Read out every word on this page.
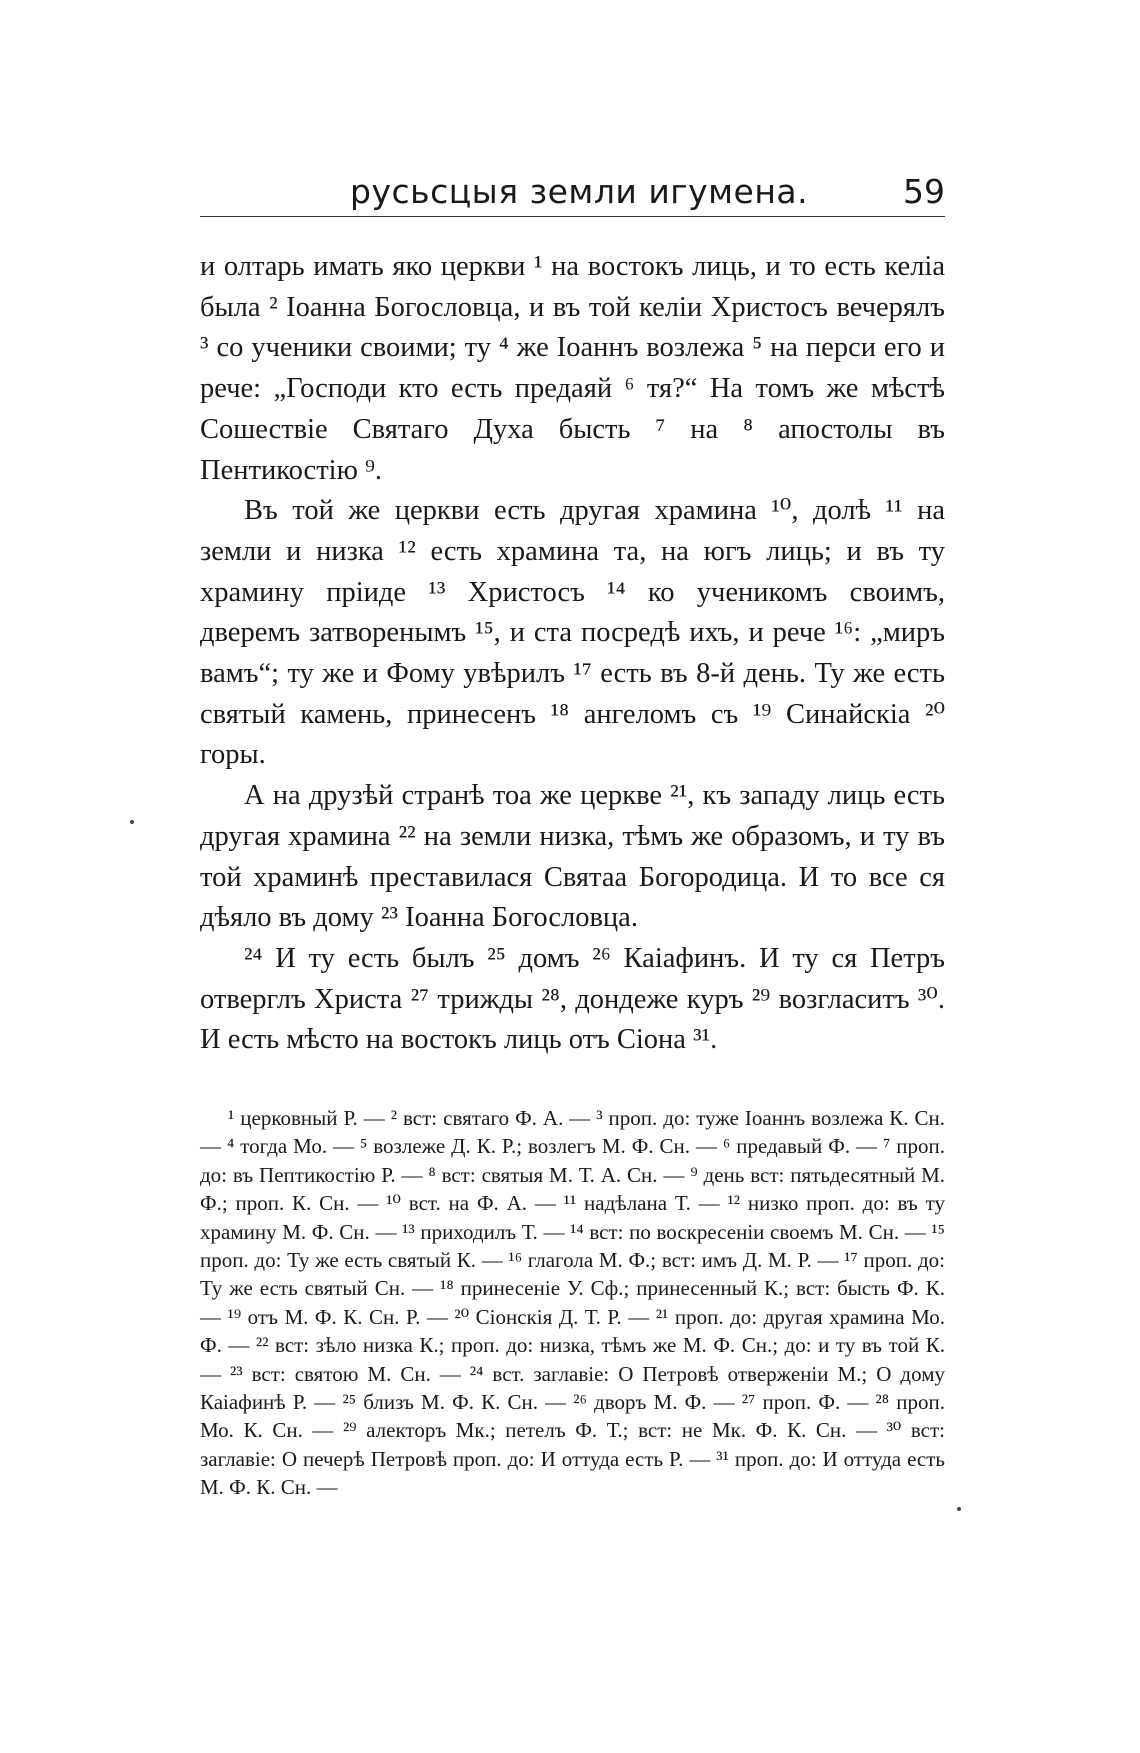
русьсцыя земли игумена.	59

и олтарь имать яко церкви ¹ на востокъ лиць, и то есть келіа была ² Іоанна Богословца, и въ той келіи Христосъ вечерялъ ³ со ученики своими; ту ⁴ же Іоаннъ возлежа ⁵ на перси его и рече: „Господи кто есть предаяй ⁶ тя?“ На томъ же мѣстѣ Сошествіе Святаго Духа бысть ⁷ на ⁸ апостолы въ Пентикостію ⁹.

Въ той же церкви есть другая храмина ¹⁰, долѣ ¹¹ на земли и низка ¹² есть храмина та, на югъ лиць; и въ ту храмину пріиде ¹³ Христосъ ¹⁴ ко ученикомъ своимъ, дверемъ затворенымъ ¹⁵, и ста посредѣ ихъ, и рече ¹⁶: „миръ вамъ“; ту же и Фому увѣрилъ ¹⁷ есть въ 8-й день. Ту же есть святый камень, принесенъ ¹⁸ ангеломъ съ ¹⁹ Синайскіа ²⁰ горы.

А на друзѣй странѣ тоа же церкве ²¹, къ западу лиць есть другая храмина ²² на земли низка, тѣмъ же образомъ, и ту въ той храминѣ преставилася Святаа Богородица. И то все ся дѣяло въ дому ²³ Іоанна Богословца.

²⁴ И ту есть былъ ²⁵ домъ ²⁶ Каіафинъ. И ту ся Петръ отверглъ Христа ²⁷ трижды ²⁸, дондеже куръ ²⁹ возгласитъ ³⁰. И есть мѣсто на востокъ лиць отъ Сіона ³¹.

¹ церковный Р. — ² вст: святаго Ф. А. — ³ проп. до: туже Іоаннъ возлежа К. Сн. — ⁴ тогда Мо. — ⁵ возлеже Д. К. Р.; возлегъ М. Ф. Сн. — ⁶ предавый Ф. — ⁷ проп. до: въ Пептикостію Р. — ⁸ вст: святыя М. Т. А. Сн. — ⁹ день вст: пятьдесятный М. Ф.; проп. К. Сн. — ¹⁰ вст. на Ф. А. — ¹¹ надѣлана Т. — ¹² низко проп. до: въ ту храмину М. Ф. Сн. — ¹³ приходилъ Т. — ¹⁴ вст: по воскресеніи своемъ М. Сн. — ¹⁵ проп. до: Ту же есть святый К. — ¹⁶ глагола М. Ф.; вст: имъ Д. М. Р. — ¹⁷ проп. до: Ту же есть святый Сн. — ¹⁸ принесеніе У. Сф.; принесенный К.; вст: бысть Ф. К. — ¹⁹ отъ М. Ф. К. Сн. Р. — ²⁰ Сіонскія Д. Т. Р. — ²¹ проп. до: другая храмина Мо. Ф. — ²² вст: зѣло низка К.; проп. до: низка, тѣмъ же М. Ф. Сн.; до: и ту въ той К. — ²³ вст: святою М. Сн. — ²⁴ вст. заглавіе: О Петровѣ отверженіи М.; О дому Каіафинѣ Р. — ²⁵ близъ М. Ф. К. Сн. — ²⁶ дворъ М. Ф. — ²⁷ проп. Ф. — ²⁸ проп. Мо. К. Сн. — ²⁹ алекторъ Мк.; петелъ Ф. Т.; вст: не Мк. Ф. К. Сн. — ³⁰ вст: заглавіе: О печерѣ Петровѣ проп. до: И оттуда есть Р. — ³¹ проп. до: И оттуда есть М. Ф. К. Сн. —
